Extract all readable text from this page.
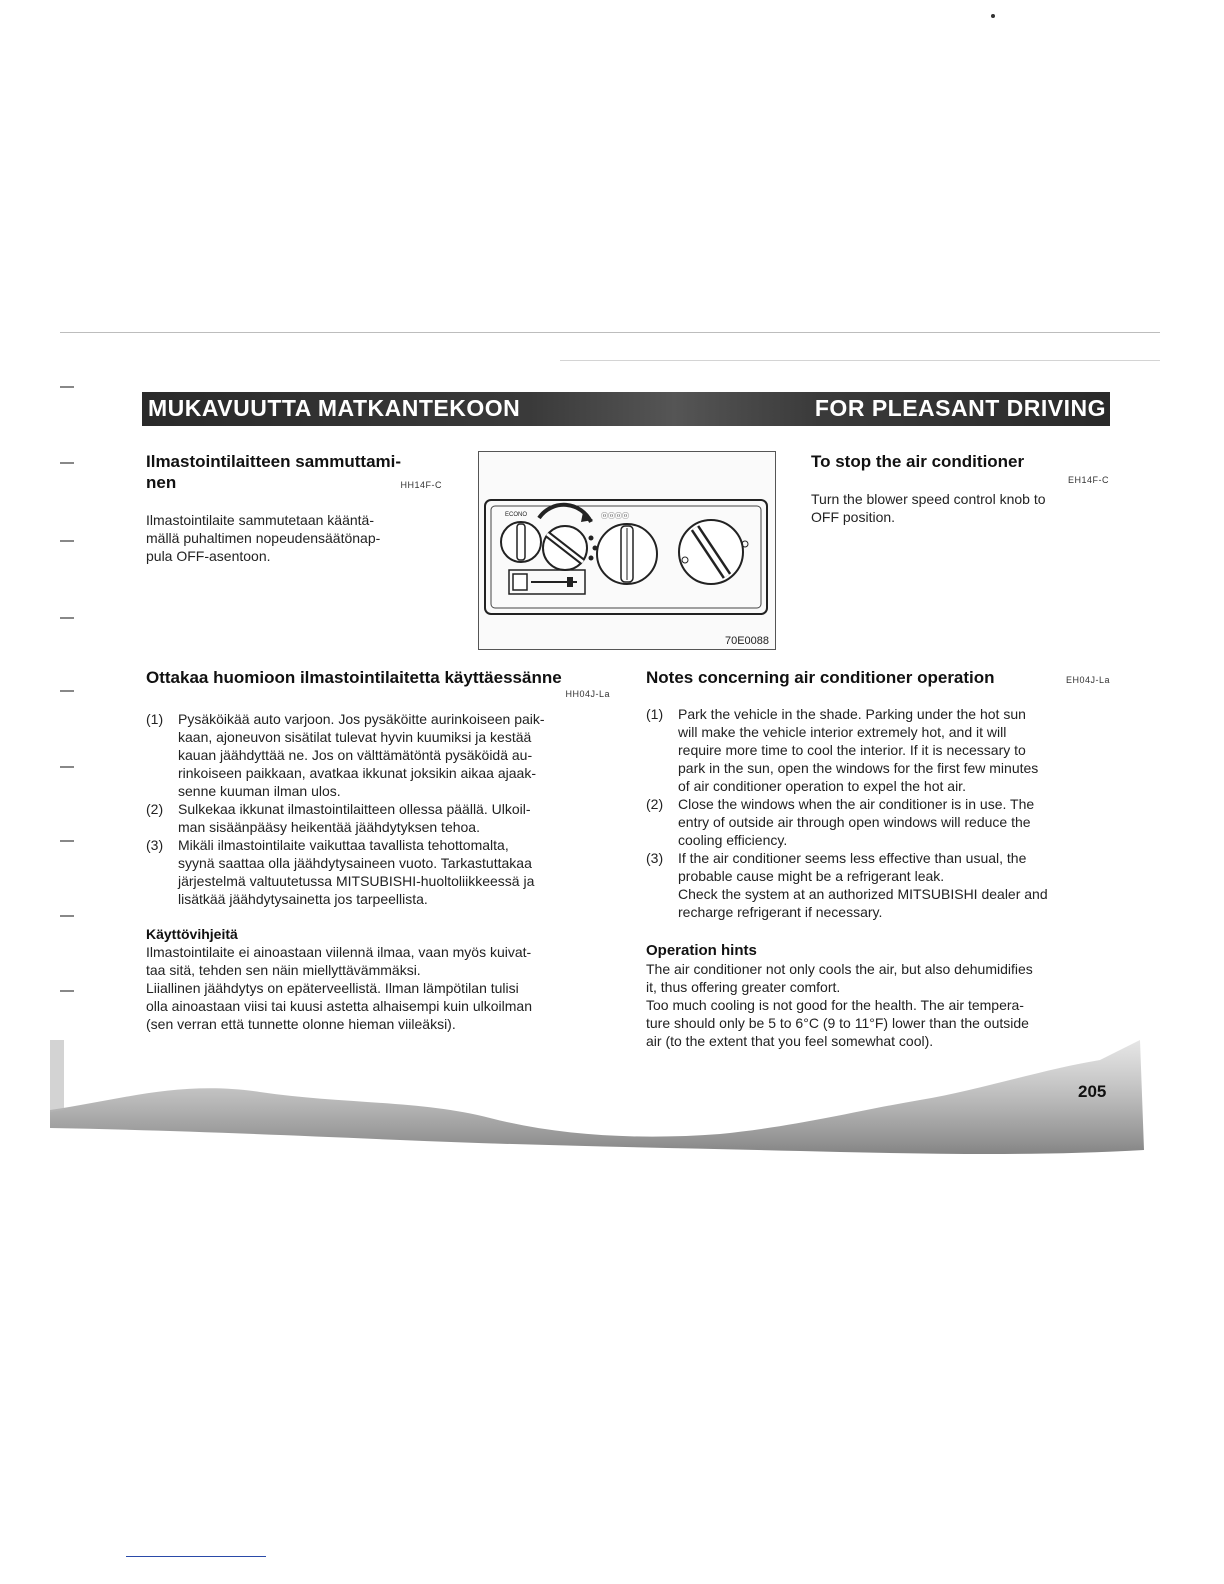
MUKAVUUTTA MATKANTEKOON	FOR PLEASANT DRIVING
Ilmastointilaitteen sammuttami-
nen	HH14F-C

Ilmastointilaite sammutetaan kääntä-

mällä puhaltimen nopeudensäätönap-

pula OFF-asentoon.

ECONO	ⓞⓞⓞⓞ
70E0088
To stop the air conditioner
EH14F-C

Turn the blower speed control knob to

OFF position.

Ottakaa huomioon ilmastointilaitetta käyttäessänne
HH04J-La
(1) Pysäköikää auto varjoon. Jos pysäköitte aurinkoiseen paik-
kaan, ajoneuvon sisätilat tulevat hyvin kuumiksi ja kestää
kauan jäähdyttää ne. Jos on välttämätöntä pysäköidä au-
rinkoiseen paikkaan, avatkaa ikkunat joksikin aikaa ajaak-
senne kuuman ilman ulos.
(2) Sulkekaa ikkunat ilmastointilaitteen ollessa päällä. Ulkoil-
man sisäänpääsy heikentää jäähdytyksen tehoa.
(3) Mikäli ilmastointilaite vaikuttaa tavallista tehottomalta,
syynä saattaa olla jäähdytysaineen vuoto. Tarkastuttakaa
järjestelmä valtuutetussa MITSUBISHI-huoltoliikkeessä ja
lisätkää jäähdytysainetta jos tarpeellista.
Käyttövihjeitä

Ilmastointilaite ei ainoastaan viilennä ilmaa, vaan myös kuivat-

taa sitä, tehden sen näin miellyttävämmäksi.

Liiallinen jäähdytys on epäterveellistä. Ilman lämpötilan tulisi

olla ainoastaan viisi tai kuusi astetta alhaisempi kuin ulkoilman

(sen verran että tunnette olonne hieman viileäksi).

Notes concerning air conditioner operation	EH04J-La
(1) Park the vehicle in the shade. Parking under the hot sun
will make the vehicle interior extremely hot, and it will
require more time to cool the interior. If it is necessary to
park in the sun, open the windows for the first few minutes
of air conditioner operation to expel the hot air.
(2) Close the windows when the air conditioner is in use. The
entry of outside air through open windows will reduce the
cooling efficiency.
(3) If the air conditioner seems less effective than usual, the
probable cause might be a refrigerant leak.
Check the system at an authorized MITSUBISHI dealer and
recharge refrigerant if necessary.
Operation hints

The air conditioner not only cools the air, but also dehumidifies

it, thus offering greater comfort.

Too much cooling is not good for the health. The air tempera-

ture should only be 5 to 6°C (9 to 11°F) lower than the outside

air (to the extent that you feel somewhat cool).

205
